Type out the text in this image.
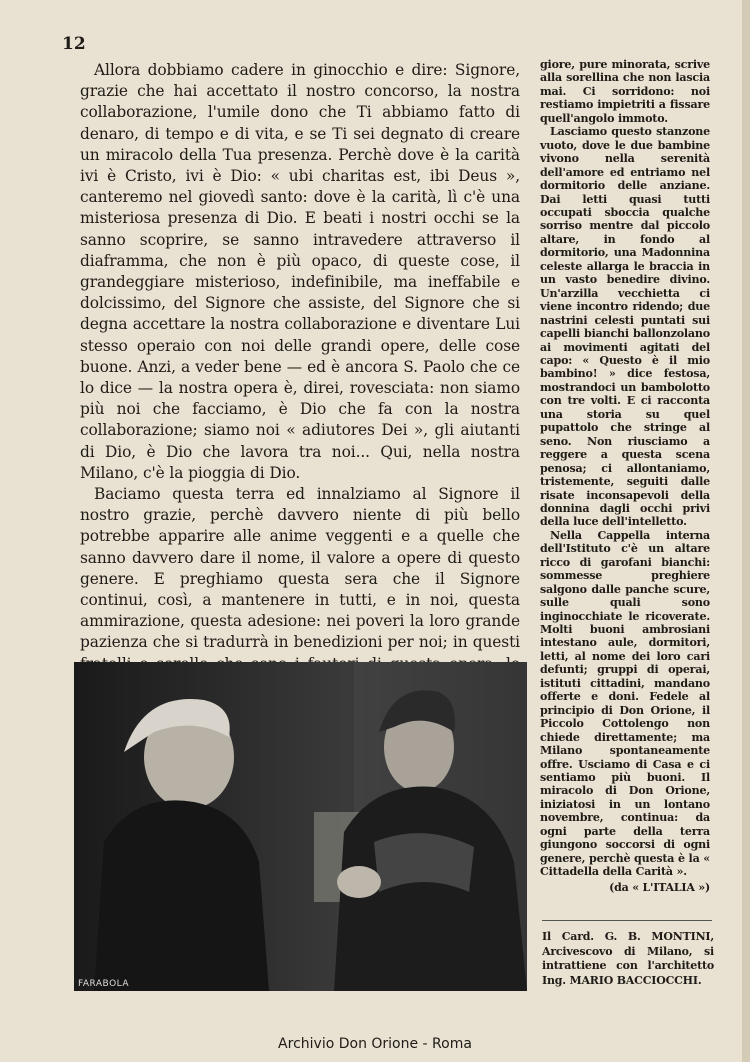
12

Allora dobbiamo cadere in ginocchio e dire: Signore, grazie che hai accettato il nostro concorso, la nostra collaborazione, l'umile dono che Ti abbiamo fatto di denaro, di tempo e di vita, e se Ti sei degnato di creare un miracolo della Tua presenza. Perchè dove è la carità ivi è Cristo, ivi è Dio: « ubi charitas est, ibi Deus », canteremo nel giovedì santo: dove è la carità, lì c'è una misteriosa presenza di Dio. E beati i nostri occhi se la sanno scoprire, se sanno intravedere attraverso il diaframma, che non è più opaco, di queste cose, il grandeggiare misterioso, indefinibile, ma ineffabile e dolcissimo, del Signore che assiste, del Signore che si degna accettare la nostra collaborazione e diventare Lui stesso operaio con noi delle grandi opere, delle cose buone. Anzi, a veder bene — ed è ancora S. Paolo che ce lo dice — la nostra opera è, direi, rovesciata: non siamo più noi che facciamo, è Dio che fa con la nostra collaborazione; siamo noi « adiutores Dei », gli aiutanti di Dio, è Dio che lavora tra noi... Qui, nella nostra Milano, c'è la pioggia di Dio.

Baciamo questa terra ed innalziamo al Signore il nostro grazie, perchè davvero niente di più bello potrebbe apparire alle anime veggenti e a quelle che sanno davvero dare il nome, il valore a opere di questo genere. E preghiamo questa sera che il Signore continui, così, a mantenere in tutti, e in noi, questa ammirazione, questa adesione: nei poveri la loro grande pazienza che si tradurrà in benedizioni per noi; in questi

giore, pure minorata, scrive alla sorellina che non lascia mai. Ci sorridono: noi restiamo impietriti a fissare quell'angolo immoto.

Lasciamo questo stanzone vuoto, dove le due bambine vivono nella serenità dell'amore ed entriamo nel dormitorio delle anziane. Dai letti quasi tutti occupati sboccia qualche sorriso mentre dal piccolo altare, in fondo al dormitorio, una Madonnina celeste allarga le braccia in un vasto benedire divino. Un'arzilla vecchietta ci viene incontro ridendo; due nastrini celesti puntati sui capelli bianchi ballonzolano ai movimenti agitati del capo: « Questo è il mio bambino! » dice festosa, mostrandoci un bambolotto con tre volti. E ci racconta una storia su quel pupattolo che stringe al seno. Non riusciamo a reggere a questa scena penosa; ci allontaniamo, tristemente, seguiti dalle risate inconsapevoli della donnina dagli occhi privi della luce dell'intelletto.

Nella Cappella interna dell'Istituto c'è un altare ricco di garofani bianchi: sommesse preghiere salgono dalle panche scure, sulle quali sono inginocchiate le ricoverate. Molti buoni ambrosiani intestano aule, dormitori, letti, al nome dei loro cari defunti; gruppi di operai, istituti cittadini, mandano offerte e doni. Fedele al principio di Don Orione, il Piccolo Cottolengo non chiede direttamente; ma Milano spontaneamente offre. Usciamo di Casa e ci sentiamo più buoni. Il miracolo di Don Orione, iniziatosi in un lontano novembre, continua: da ogni parte della terra giungono soccorsi di ogni genere, perchè questa è la « Cittadella della Carità ».

(da « L'ITALIA »)
FARABOLA
Il Card. G. B. MONTINI, Arcivescovo di Milano, si intrattiene con l'architetto Ing. MARIO BACCIOCCHI.
Archivio Don Orione - Roma
